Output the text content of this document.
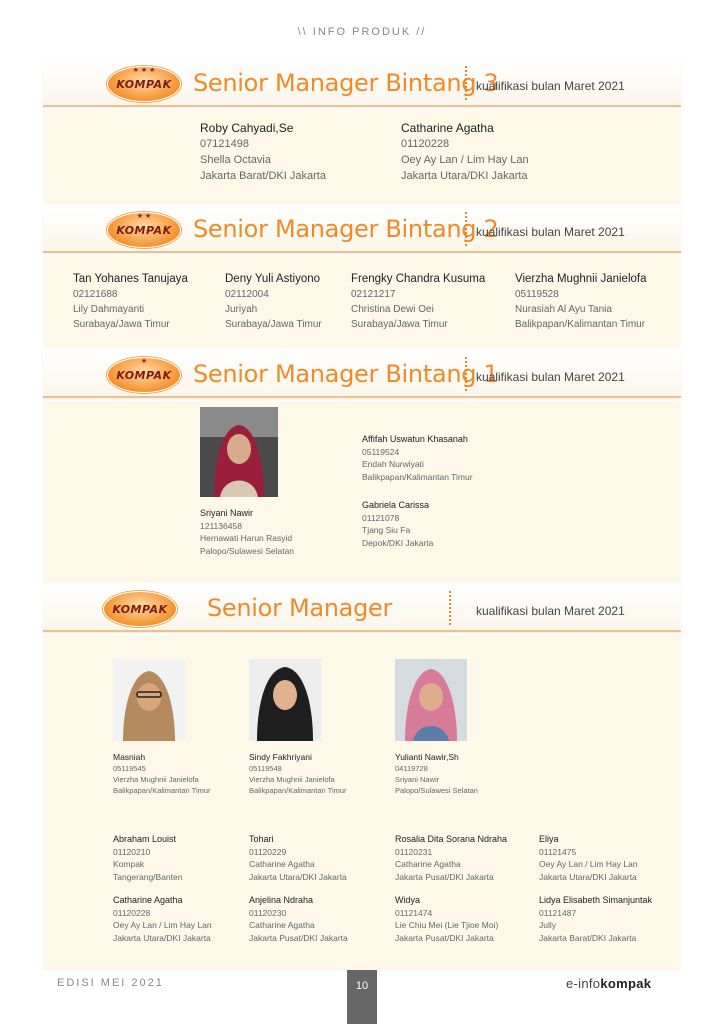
\\ INFO PRODUK //
★ ★ ★
KOMPAK Senior Manager Bintang 3
kualifikasi bulan Maret 2021
Roby Cahyadi,Se
07121498
Shella Octavia
Jakarta Barat/DKI Jakarta
Catharine Agatha
01120228
Oey Ay Lan / Lim Hay Lan
Jakarta Utara/DKI Jakarta
★ ★
KOMPAK Senior Manager Bintang 2
kualifikasi bulan Maret 2021
Tan Yohanes Tanujaya
02121688
Lily Dahmayanti
Surabaya/Jawa Timur
Deny Yuli Astiyono
02112004
Juriyah
Surabaya/Jawa Timur
Frengky Chandra Kusuma
02121217
Christina Dewi Oei
Surabaya/Jawa Timur
Vierzha Mughnii Janielofa
05119528
Nurasiah Al Ayu Tania
Balikpapan/Kalimantan Timur
★
KOMPAK Senior Manager Bintang 1
kualifikasi bulan Maret 2021
Sriyani Nawir
121136458
Hernawati Harun Rasyid
Palopo/Sulawesi Selatan
Affifah Uswatun Khasanah
05119524
Endah Nurwiyati
Balikpapan/Kalimantan Timur
Gabriela Carissa
01121078
Tjang Siu Fa
Depok/DKI Jakarta
KOMPAK Senior Manager	kualifikasi bulan Maret 2021
Masniah
05119545
Vierzha Mughnii Janielofa
Balikpapan/Kalimantan Timur
Sindy Fakhriyani
05119548
Vierzha Mughnii Janielofa
Balikpapan/Kalimantan Timur
Yulianti Nawir,Sh
04119728
Sriyani Nawir
Palopo/Sulawesi Selatan
Abraham Louist
01120210
Kompak
Tangerang/Banten
Tohari
01120229
Catharine Agatha
Jakarta Utara/DKI Jakarta
Rosalia Dita Sorana Ndraha
01120231
Catharine Agatha
Jakarta Pusat/DKI Jakarta
Eliya
01121475
Oey Ay Lan / Lim Hay Lan
Jakarta Utara/DKI Jakarta
Catharine Agatha
01120228
Oey Ay Lan / Lim Hay Lan
Jakarta Utara/DKI Jakarta
Anjelina Ndraha
01120230
Catharine Agatha
Jakarta Pusat/DKI Jakarta
Widya
01121474
Lie Chiu Mei (Lie Tjioe Moi)
Jakarta Pusat/DKI Jakarta
Lidya Elisabeth Simanjuntak
01121487
Jully
Jakarta Barat/DKI Jakarta
EDISI MEI 2021	10	e-infokompak
